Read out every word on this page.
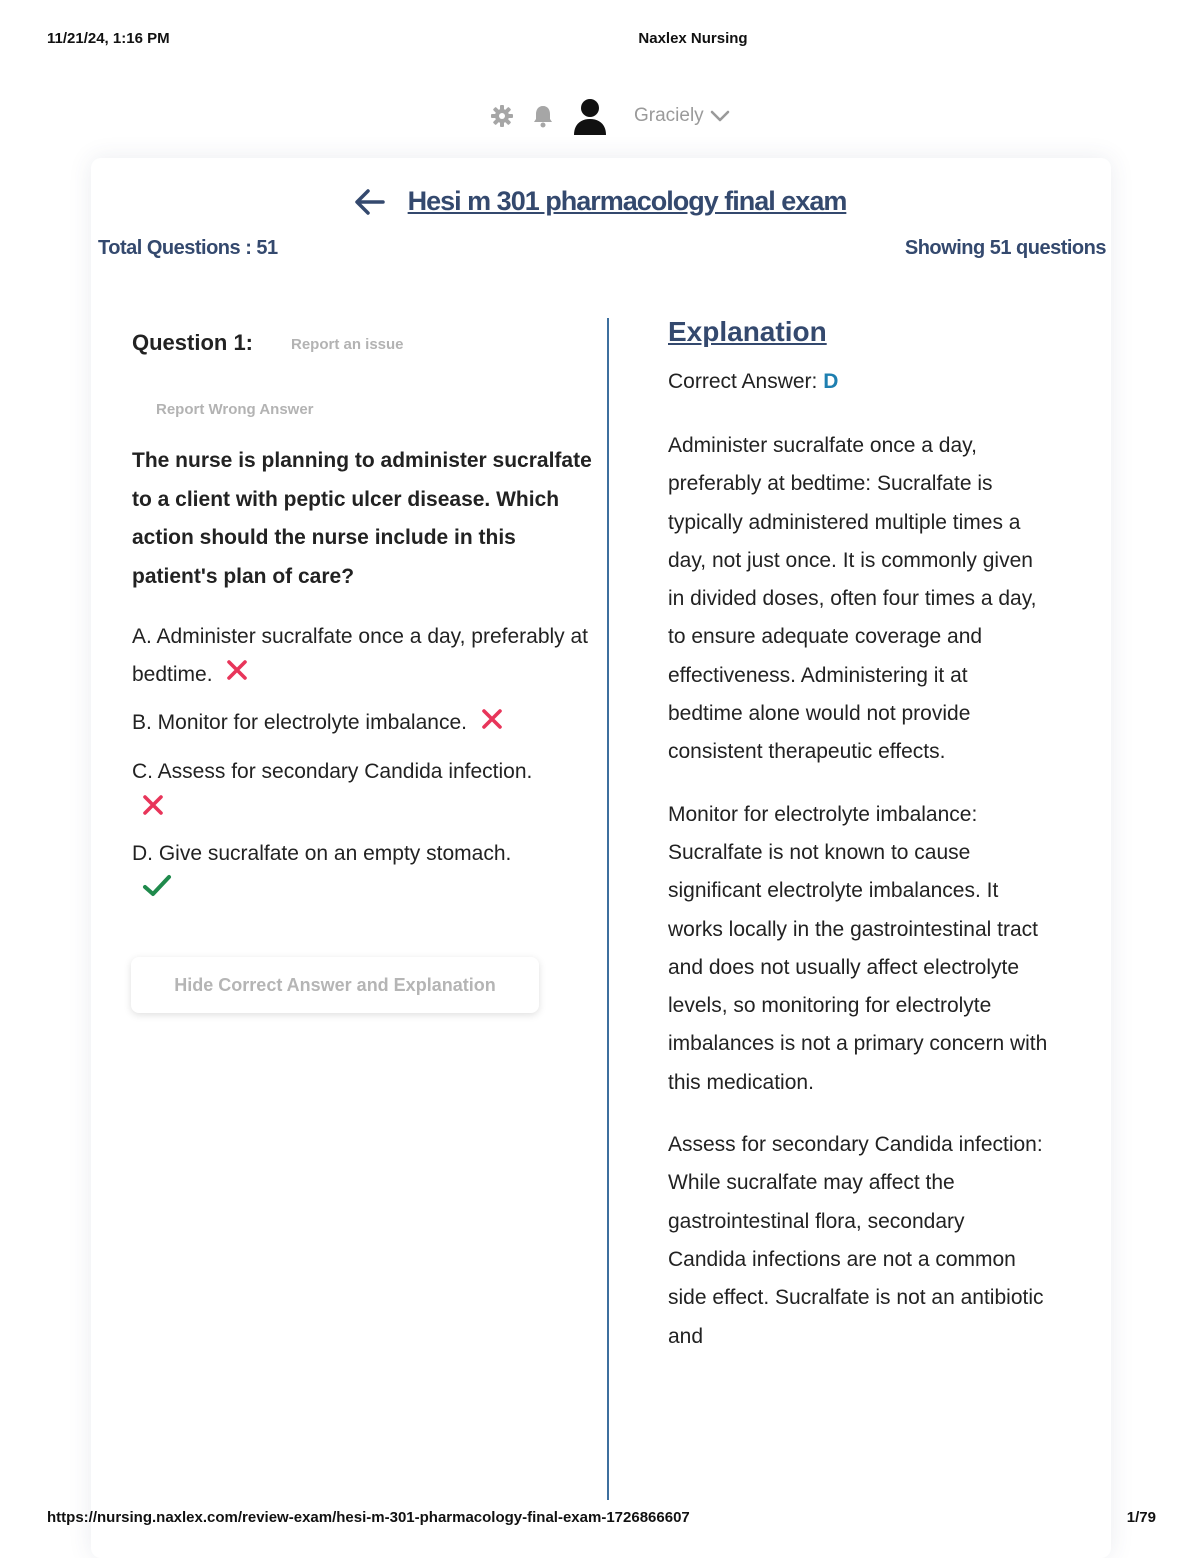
11/21/24, 1:16 PM	Naxlex Nursing
Graciely
Hesi m 301 pharmacology final exam
Total Questions : 51	Showing 51 questions
Question 1:	Report an issue
Report Wrong Answer
The nurse is planning to administer sucralfate to a client with peptic ulcer disease. Which action should the nurse include in this patient's plan of care?
A. Administer sucralfate once a day, preferably at bedtime.
B. Monitor for electrolyte imbalance.
C. Assess for secondary Candida infection.
D. Give sucralfate on an empty stomach.
Hide Correct Answer and Explanation
Explanation
Correct Answer: D

Administer sucralfate once a day, preferably at bedtime: Sucralfate is typically administered multiple times a day, not just once. It is commonly given in divided doses, often four times a day, to ensure adequate coverage and effectiveness. Administering it at bedtime alone would not provide consistent therapeutic effects.

Monitor for electrolyte imbalance: Sucralfate is not known to cause significant electrolyte imbalances. It works locally in the gastrointestinal tract and does not usually affect electrolyte levels, so monitoring for electrolyte imbalances is not a primary concern with this medication.

Assess for secondary Candida infection: While sucralfate may affect the gastrointestinal flora, secondary Candida infections are not a common side effect. Sucralfate is not an antibiotic and

https://nursing.naxlex.com/review-exam/hesi-m-301-pharmacology-final-exam-1726866607	1/79
